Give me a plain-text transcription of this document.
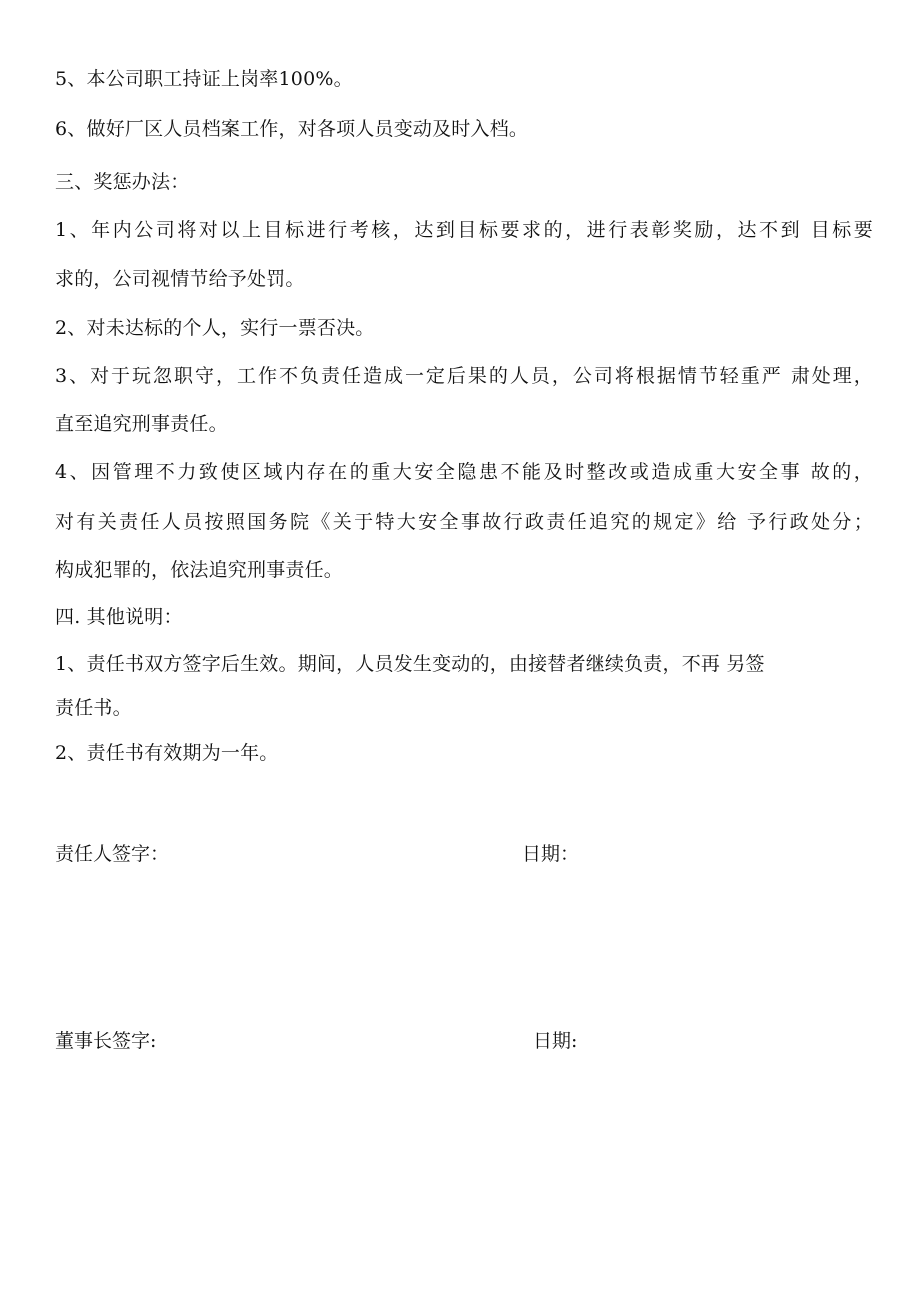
5、本公司职工持证上岗率100%。
6、做好厂区人员档案工作，对各项人员变动及时入档。
三、奖惩办法：
1、年内公司将对以上目标进行考核，达到目标要求的，进行表彰奖励，达不到 目标要
求的，公司视情节给予处罚。
2、对未达标的个人，实行一票否决。
3、对于玩忽职守，工作不负责任造成一定后果的人员，公司将根据情节轻重严 肃处理，
直至追究刑事责任。
4、因管理不力致使区域内存在的重大安全隐患不能及时整改或造成重大安全事 故的，
对有关责任人员按照国务院《关于特大安全事故行政责任追究的规定》给 予行政处分；
构成犯罪的，依法追究刑事责任。
四. 其他说明：
1、责任书双方签字后生效。期间，人员发生变动的，由接替者继续负责，不再 另签
责任书。
2、责任书有效期为一年。
责任人签字：	日期：
董事长签字:	日期:
